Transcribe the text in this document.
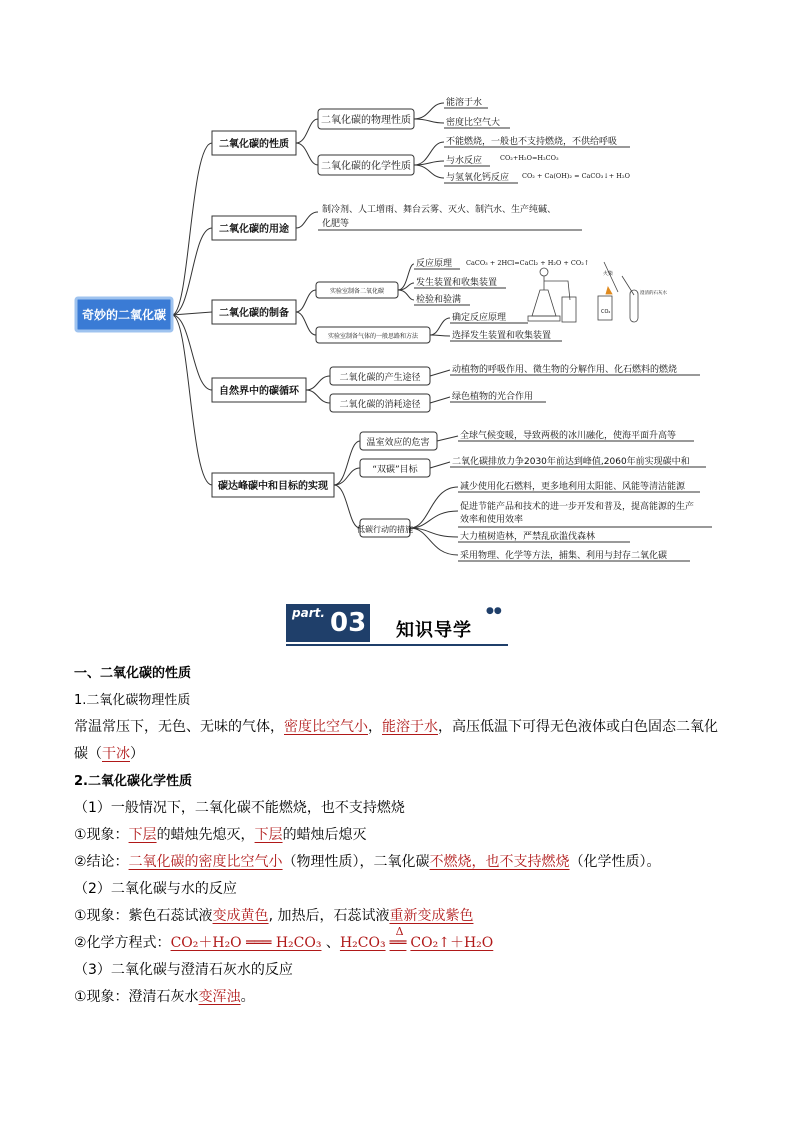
奇妙的二氧化碳
二氧化碳的性质
二氧化碳的用途
二氧化碳的制备
自然界中的碳循环
碳达峰碳中和目标的实现
二氧化碳的物理性质
二氧化碳的化学性质
实验室制备二氧化碳
实验室制备气体的一般思路和方法
二氧化碳的产生途径
二氧化碳的消耗途径
温室效应的危害
“双碳”目标
低碳行动的措施
能溶于水
密度比空气大
不能燃烧，一般也不支持燃烧，不供给呼吸
与水反应	CO₂+H₂O=H₂CO₃
与氢氧化钙反应 CO₂ + Ca(OH)₂ = CaCO₃↓+ H₂O
制冷剂、人工增雨、舞台云雾、灭火、制汽水、生产纯碱、
化肥等
反应原理 CaCO₃ + 2HCl=CaCl₂ + H₂O + CO₂↑
发生装置和收集装置
检验和验满
确定反应原理
选择发生装置和收集装置
CO₂
火柴
澄清的石灰水
动植物的呼吸作用、微生物的分解作用、化石燃料的燃烧
绿色植物的光合作用
全球气候变暖，导致两极的冰川融化，使海平面升高等
二氧化碳排放力争2030年前达到峰值,2060年前实现碳中和
减少使用化石燃料，更多地利用太阳能、风能等清洁能源
促进节能产品和技术的进一步开发和普及，提高能源的生产
效率和使用效率
大力植树造林，严禁乱砍滥伐森林
采用物理、化学等方法，捕集、利用与封存二氧化碳
part. 03 知识导学
●●

一、二氧化碳的性质

1.二氧化碳物理性质

常温常压下，无色、无味的气体，密度比空气小，能溶于水，高压低温下可得无色液体或白色固态二氧化

碳（干冰）

2.二氧化碳化学性质

（1）一般情况下，二氧化碳不能燃烧，也不支持燃烧

①现象：下层的蜡烛先熄灭，下层的蜡烛后熄灭

②结论：二氧化碳的密度比空气小（物理性质），二氧化碳不燃烧，也不支持燃烧（化学性质）。

（2）二氧化碳与水的反应

①现象：紫色石蕊试液变成黄色, 加热后，石蕊试液重新变成紫色

②化学方程式：CO₂＋H₂O ═══ H₂CO₃ 、H₂CO₃
Δ
══ CO₂↑＋H₂O

（3）二氧化碳与澄清石灰水的反应

①现象：澄清石灰水变浑浊。
